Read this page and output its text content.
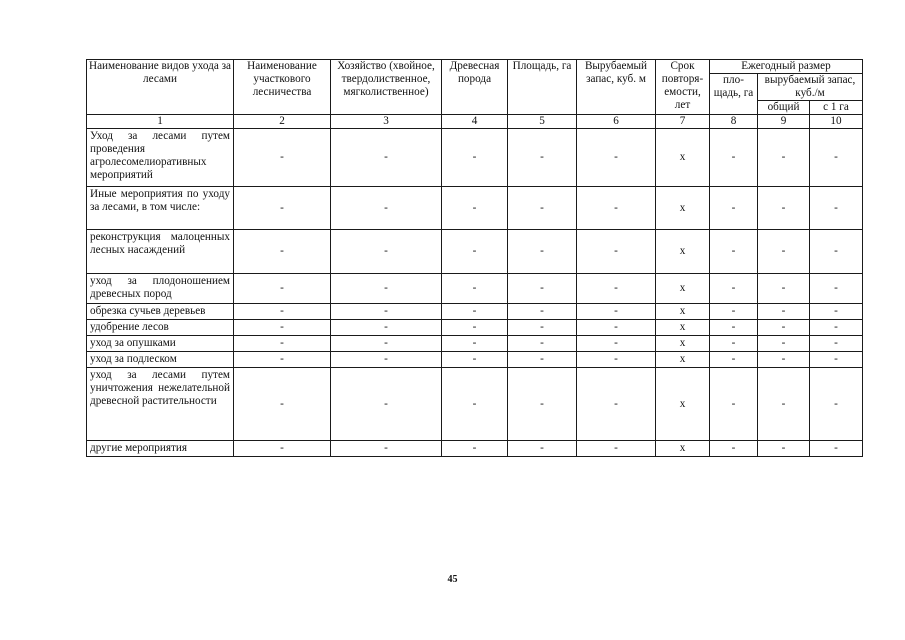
Наименование видов ухода за лесами	Наименование участкового лесничества	Хозяйство (хвойное, твердолиственное, мягколиственное)	Древесная порода	Площадь, га	Вырубаемый запас, куб. м	Срок повторя-емости, лет	Ежегодный размер		
							пло-щадь, га	вырубаемый запас, куб./м	

								общий	с 1 га
1	2	3	4	5	6	7	8	9	10
Уход за лесами путем проведения агролесомелиоративных мероприятий	-	-	-	-	-	х	-	-	-
Иные мероприятия по уходу за лесами, в том числе:	-	-	-	-	-	х	-	-	-
реконструкция малоценных лесных насаждений	-	-	-	-	-	х	-	-	-
уход за плодоношением древесных пород	-	-	-	-	-	х	-	-	-
обрезка сучьев деревьев	-	-	-	-	-	х	-	-	-
удобрение лесов	-	-	-	-	-	х	-	-	-
уход за опушками	-	-	-	-	-	х	-	-	-
уход за подлеском	-	-	-	-	-	х	-	-	-
уход за лесами путем уничтожения нежелательной древесной растительности	-	-	-	-	-	х	-	-	-
другие мероприятия	-	-	-	-	-	х	-	-	-
45
